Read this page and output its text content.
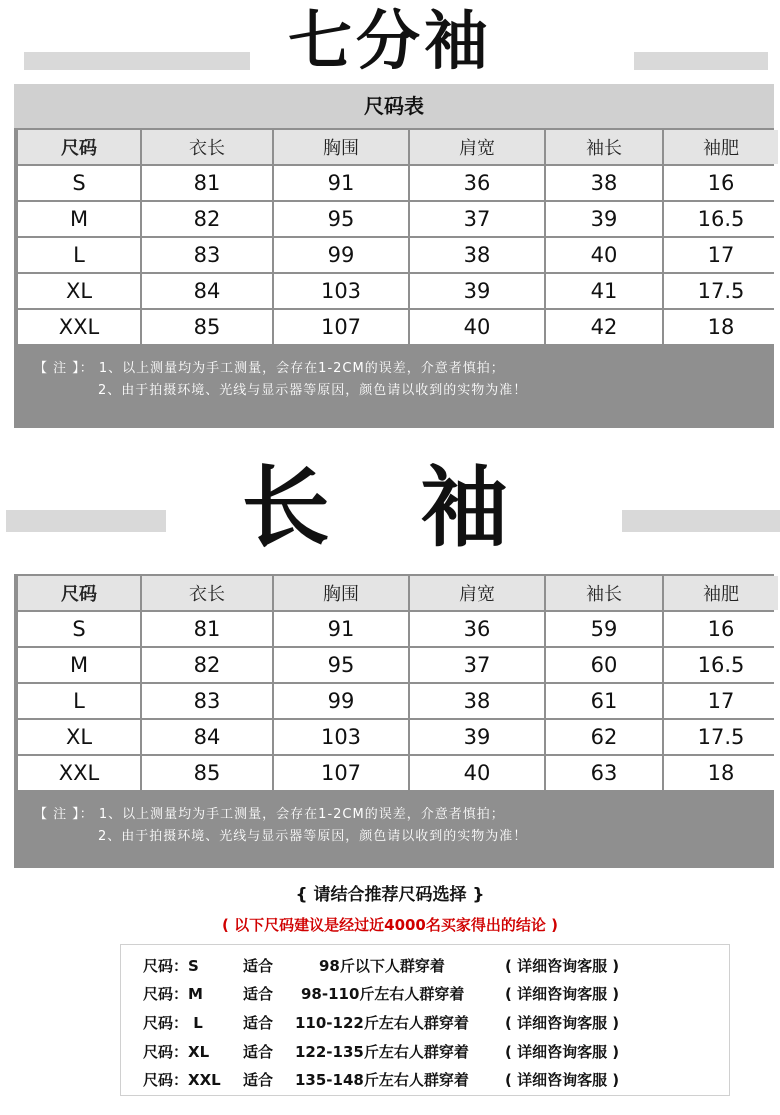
七分袖
尺码表
尺码	衣长	胸围	肩宽	袖长	袖肥
S	81	91	36	38	16
M	82	95	37	39	16.5
L	83	99	38	40	17
XL	84	103	39	41	17.5
XXL	85	107	40	42	18
【 注 】： 1、以上测量均为手工测量，会存在1-2CM的误差，介意者慎拍；
2、由于拍摄环境、光线与显示器等原因，颜色请以收到的实物为准！
长 袖
尺码	衣长	胸围	肩宽	袖长	袖肥
S	81	91	36	59	16
M	82	95	37	60	16.5
L	83	99	38	61	17
XL	84	103	39	62	17.5
XXL	85	107	40	63	18
【 注 】： 1、以上测量均为手工测量，会存在1-2CM的误差，介意者慎拍；
2、由于拍摄环境、光线与显示器等原因，颜色请以收到的实物为准！
{ 请结合推荐尺码选择 }
( 以下尺码建议是经过近4000名买家得出的结论 )
尺码：S	适合	98斤以下人群穿着	( 详细咨询客服 )
尺码：M	适合 98-110斤左右人群穿着	( 详细咨询客服 )
尺码： L	适合 110-122斤左右人群穿着 ( 详细咨询客服 )
尺码：XL 适合 122-135斤左右人群穿着 ( 详细咨询客服 )
尺码：XXL 适合 135-148斤左右人群穿着 ( 详细咨询客服 )
